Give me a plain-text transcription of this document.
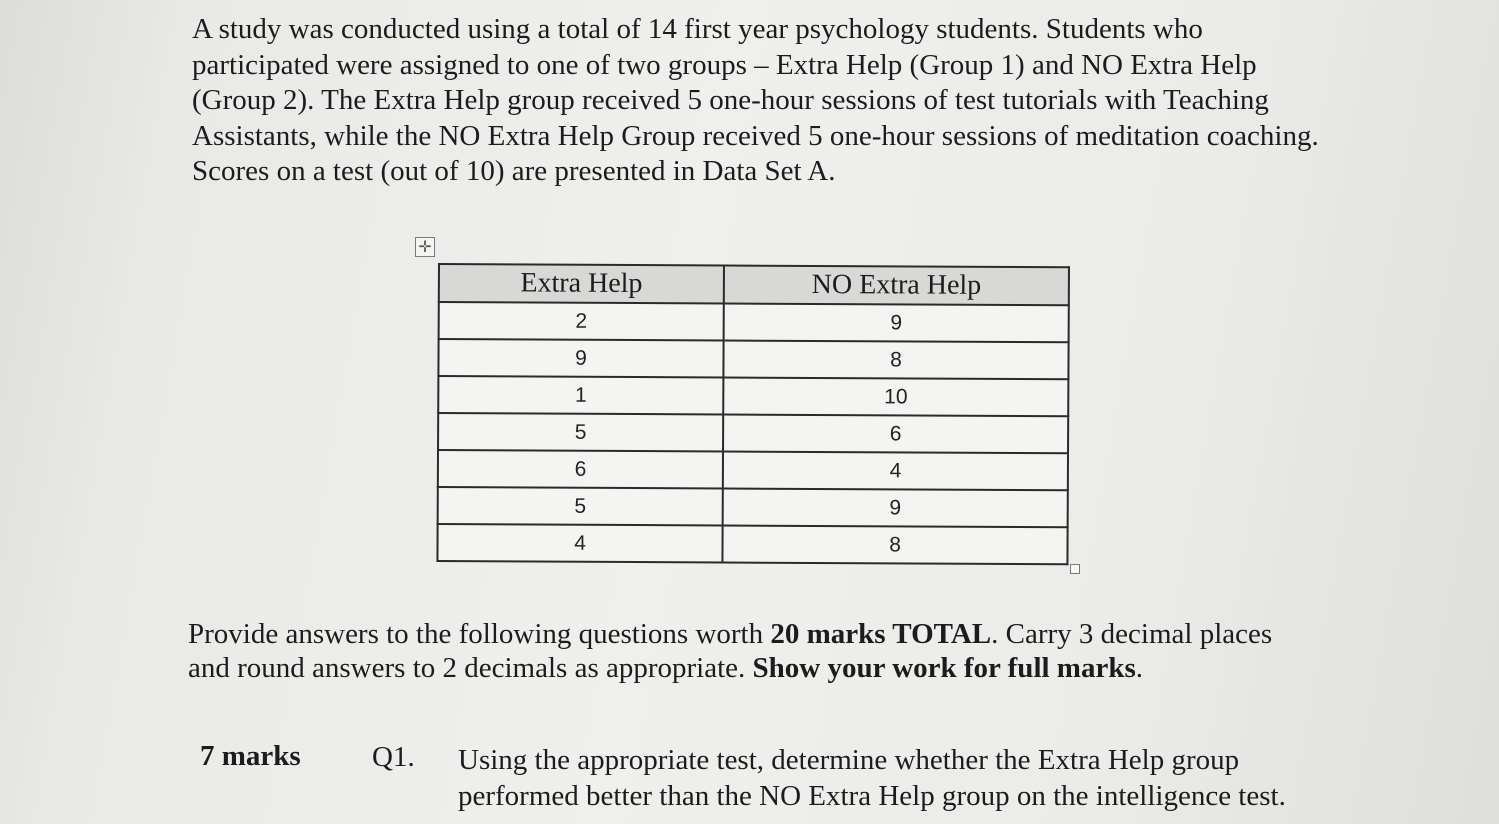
A study was conducted using a total of 14 first year psychology students. Students who
participated were assigned to one of two groups – Extra Help (Group 1) and NO Extra Help
(Group 2). The Extra Help group received 5 one-hour sessions of test tutorials with Teaching
Assistants, while the NO Extra Help Group received 5 one-hour sessions of meditation coaching.
Scores on a test (out of 10) are presented in Data Set A.

✛
Extra Help	NO Extra Help
2	9
9	8
1	10
5	6
6	4
5	9
4	8

Provide answers to the following questions worth 20 marks TOTAL. Carry 3 decimal places
and round answers to 2 decimals as appropriate. Show your work for full marks.

7 marks Q1. Using the appropriate test, determine whether the Extra Help group
performed better than the NO Extra Help group on the intelligence test.
